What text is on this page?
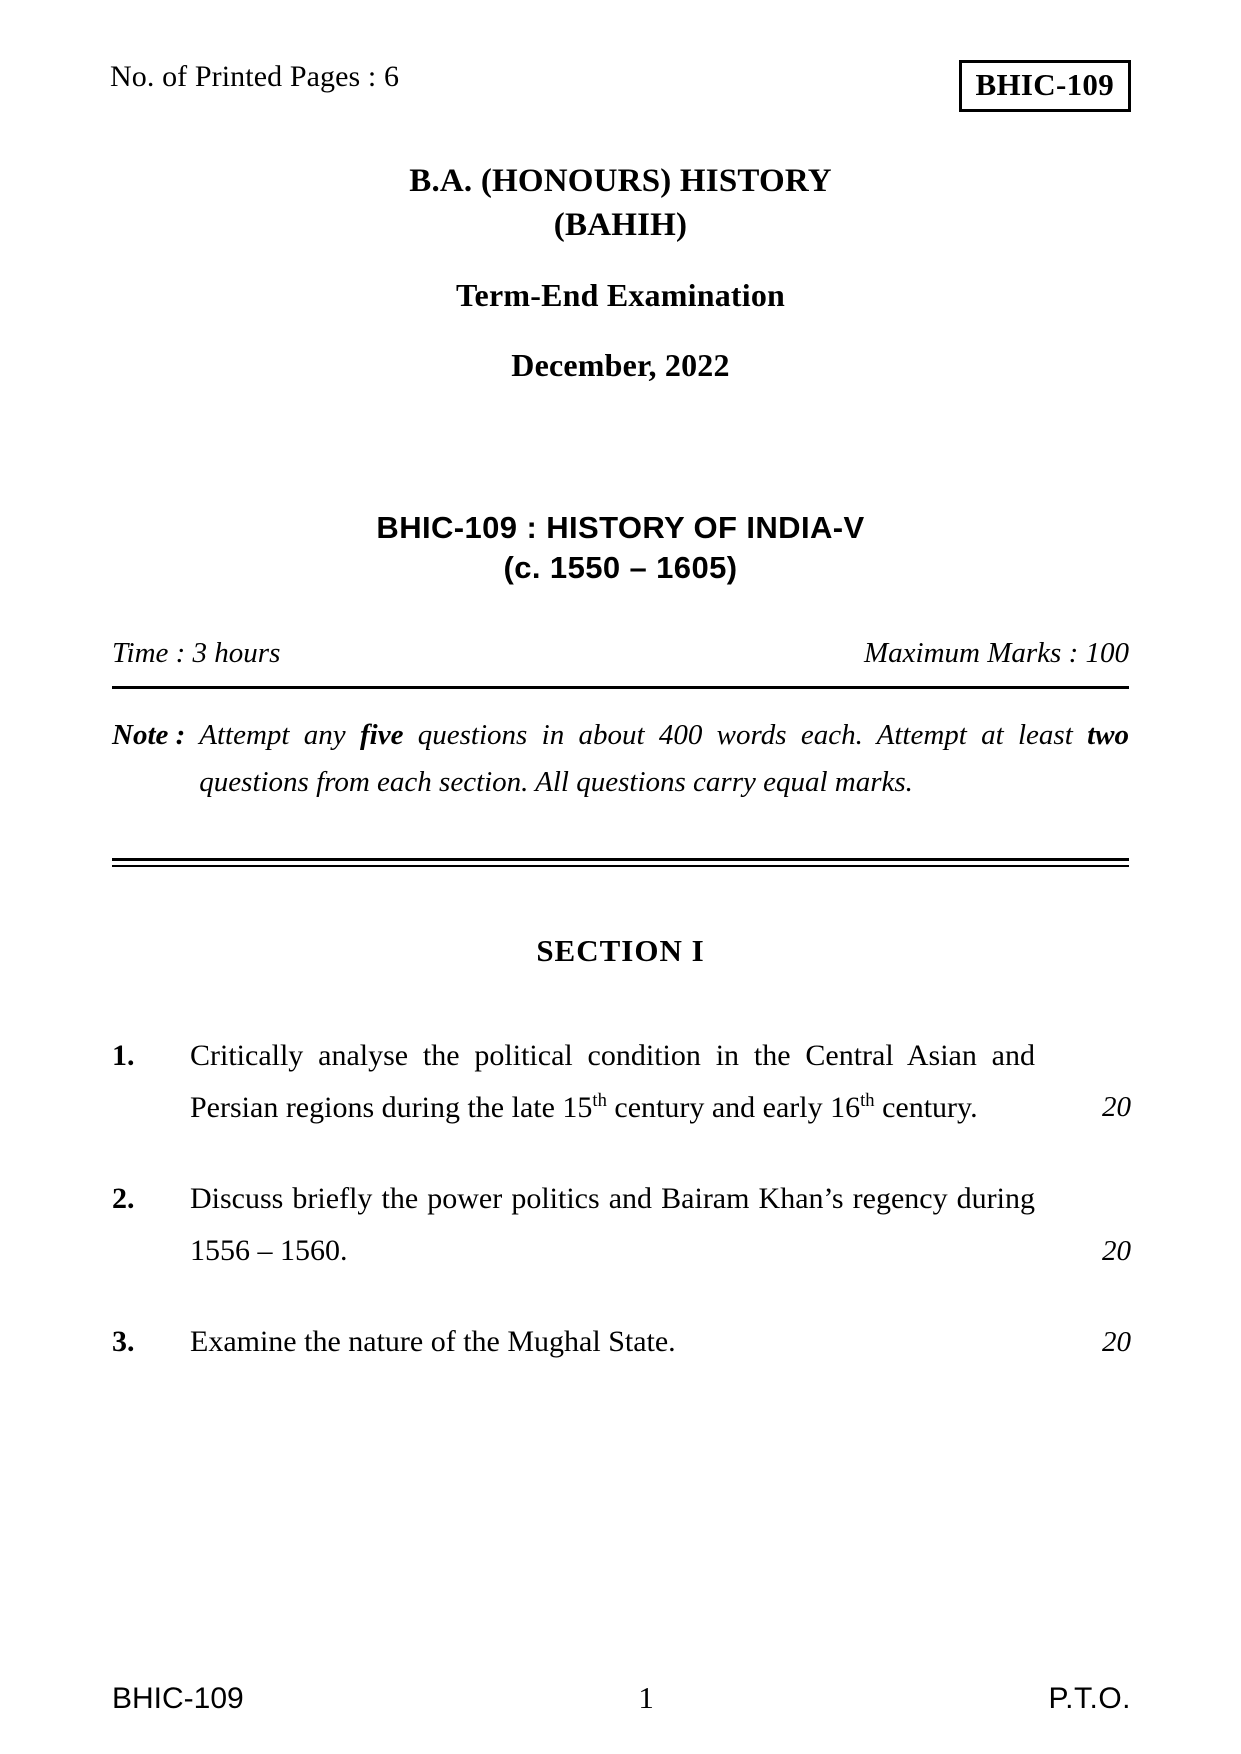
No. of Printed Pages : 6	BHIC-109
B.A. (HONOURS) HISTORY
(BAHIH)
Term-End Examination
December, 2022
BHIC-109 : HISTORY OF INDIA-V
(c. 1550 – 1605)
Time : 3 hours	Maximum Marks : 100
Note : Attempt any five questions in about 400 words each. Attempt at least two questions from each section. All questions carry equal marks.
SECTION I
1.	Critically analyse the political condition in the Central Asian and Persian regions during the late 15th century and early 16th century.	20
2.	Discuss briefly the power politics and Bairam Khan’s regency during 1556 – 1560.	20
3.	Examine the nature of the Mughal State.	20
BHIC-109	1	P.T.O.
